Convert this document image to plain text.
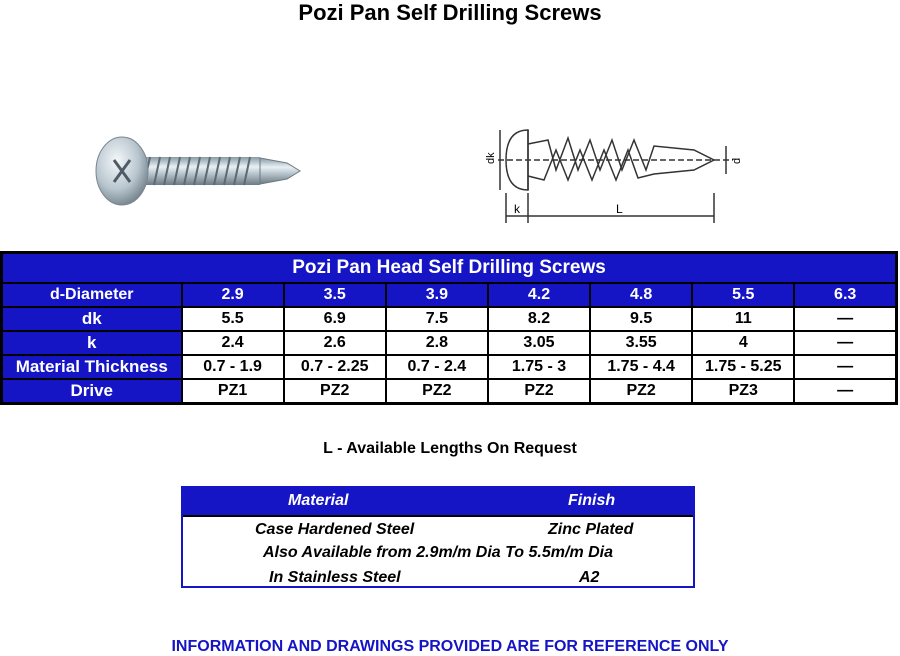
Pozi Pan Self Drilling Screws
dk
k	L
d
Pozi Pan Head Self Drilling Screws							
d-Diameter	2.9	3.5	3.9	4.2	4.8	5.5	6.3
dk	5.5	6.9	7.5	8.2	9.5	11	—
k	2.4	2.6	2.8	3.05	3.55	4	—
Material Thickness	0.7 - 1.9	0.7 - 2.25	0.7 - 2.4	1.75 - 3	1.75 - 4.4	1.75 - 5.25	—
Drive	PZ1	PZ2	PZ2	PZ2	PZ2	PZ3	—
L - Available Lengths On Request
Material	Finish
Case Hardened Steel	Zinc Plated
Also Available from 2.9m/m Dia To 5.5m/m Dia
In Stainless Steel	A2
INFORMATION AND DRAWINGS PROVIDED ARE FOR REFERENCE ONLY
